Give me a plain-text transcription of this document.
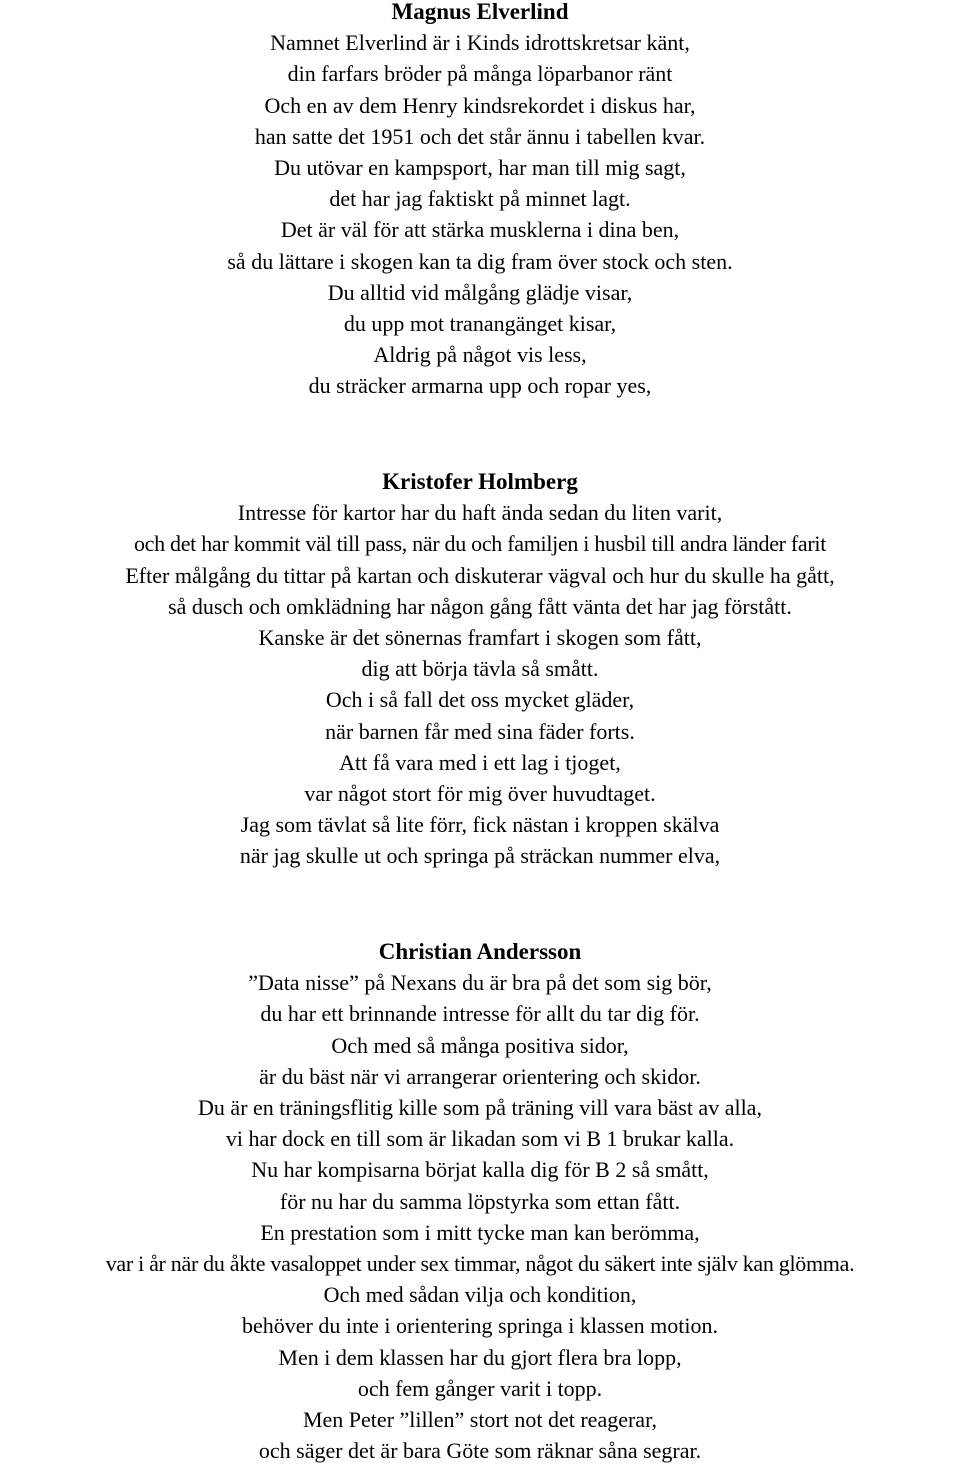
Magnus Elverlind

Namnet Elverlind är i Kinds idrottskretsar känt,

din farfars bröder på många löparbanor ränt

Och en av dem Henry kindsrekordet i diskus har,

han satte det 1951 och det står ännu i tabellen kvar.

Du utövar en kampsport, har man till mig sagt,

det har jag faktiskt på minnet lagt.

Det är väl för att stärka musklerna i dina ben,

så du lättare i skogen kan ta dig fram över stock och sten.

Du alltid vid målgång glädje visar,

du upp mot tranangänget kisar,

Aldrig på något vis less,

du sträcker armarna upp och ropar yes,

Kristofer Holmberg

Intresse för kartor har du haft ända sedan du liten varit,

och det har kommit väl till pass, när du och familjen i husbil till andra länder farit

Efter målgång du tittar på kartan och diskuterar vägval och hur du skulle ha gått,

så dusch och omklädning har någon gång fått vänta det har jag förstått.

Kanske är det sönernas framfart i skogen som fått,

dig att börja tävla så smått.

Och i så fall det oss mycket gläder,

när barnen får med sina fäder forts.

Att få vara med i ett lag i tjoget,

var något stort för mig över huvudtaget.

Jag som tävlat så lite förr, fick nästan i kroppen skälva

när jag skulle ut och springa på sträckan nummer elva,

Christian Andersson

”Data nisse” på Nexans du är bra på det som sig bör,

du har ett brinnande intresse för allt du tar dig för.

Och med så många positiva sidor,

är du bäst när vi arrangerar orientering och skidor.

Du är en träningsflitig kille som på träning vill vara bäst av alla,

vi har dock en till som är likadan som vi B 1 brukar kalla.

Nu har kompisarna börjat kalla dig för B 2 så smått,

för nu har du samma löpstyrka som ettan fått.

En prestation som i mitt tycke man kan berömma,

var i år när du åkte vasaloppet under sex timmar, något du säkert inte själv kan glömma.

Och med sådan vilja och kondition,

behöver du inte i orientering springa i klassen motion.

Men i dem klassen har du gjort flera bra lopp,

och fem gånger varit i topp.

Men Peter ”lillen” stort not det reagerar,

och säger det är bara Göte som räknar såna segrar.
